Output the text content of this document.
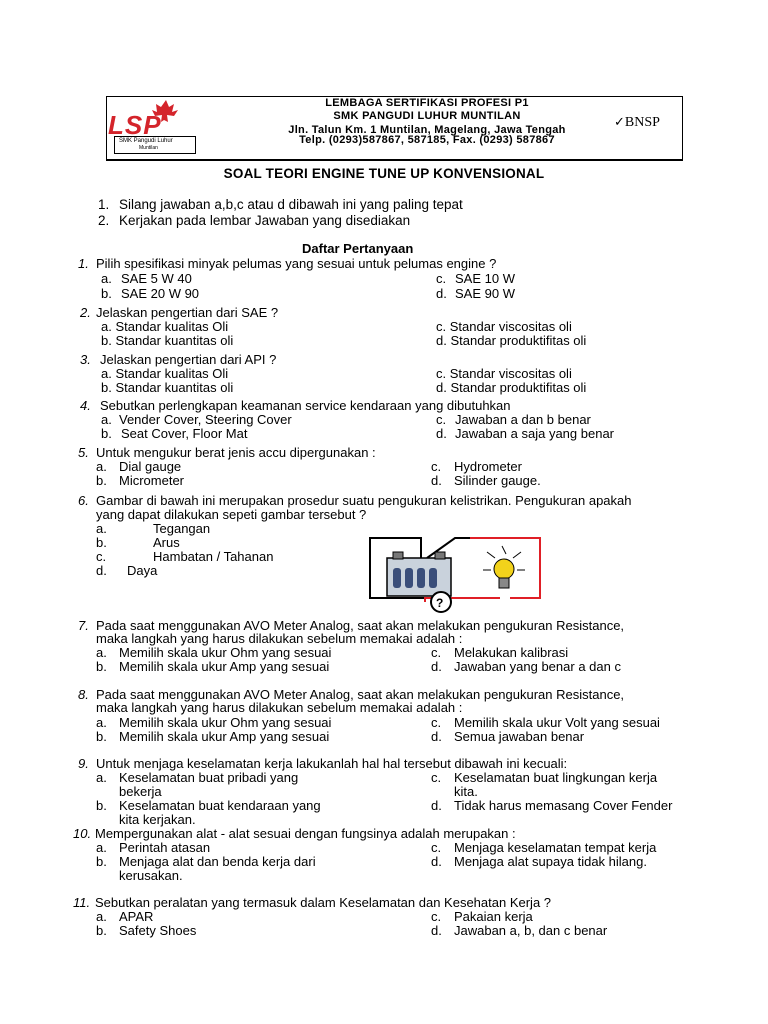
LSP
SMK Pangudi Luhur
Muntilan
LEMBAGA SERTIFIKASI PROFESI P1
SMK PANGUDI LUHUR MUNTILAN
Jln. Talun Km. 1 Muntilan, Magelang, Jawa Tengah
Telp. (0293)587867, 587185, Fax. (0293) 587867
✓BNSP
SOAL TEORI ENGINE TUNE UP KONVENSIONAL
1. Silang jawaban a,b,c atau d dibawah ini yang paling tepat
2. Kerjakan pada lembar Jawaban yang disediakan
Daftar Pertanyaan
1. Pilih spesifikasi minyak pelumas yang sesuai untuk pelumas engine ?
a. SAE 5 W 40
b. SAE 20 W 90
c. SAE 10 W
d. SAE 90 W
2. Jelaskan pengertian dari SAE ?
a. Standar kualitas Oli
b. Standar kuantitas oli
c. Standar viscositas oli
d. Standar produktifitas oli
3. Jelaskan pengertian dari API ?
a. Standar kualitas Oli
b. Standar kuantitas oli
c. Standar viscositas oli
d. Standar produktifitas oli
4. Sebutkan perlengkapan keamanan service kendaraan yang dibutuhkan
a. Vender Cover, Steering Cover
b. Seat Cover, Floor Mat
c. Jawaban a dan b benar
d. Jawaban a saja yang benar
5. Untuk mengukur berat jenis accu dipergunakan :
a. Dial gauge
b. Micrometer
c. Hydrometer
d. Silinder gauge.
6. Gambar di bawah ini merupakan prosedur suatu pengukuran kelistrikan. Pengukuran apakah
yang dapat dilakukan sepeti gambar tersebut ?
a.	Tegangan
b.	Arus
c.	Hambatan / Tahanan
d. Daya
?
7. Pada saat menggunakan AVO Meter Analog, saat akan melakukan pengukuran Resistance,
maka langkah yang harus dilakukan sebelum memakai adalah :
a. Memilih skala ukur Ohm yang sesuai
b. Memilih skala ukur Amp yang sesuai
c. Melakukan kalibrasi
d. Jawaban yang benar a dan c
8. Pada saat menggunakan AVO Meter Analog, saat akan melakukan pengukuran Resistance,
maka langkah yang harus dilakukan sebelum memakai adalah :
a. Memilih skala ukur Ohm yang sesuai
b. Memilih skala ukur Amp yang sesuai
c. Memilih skala ukur Volt yang sesuai
d. Semua jawaban benar
9. Untuk menjaga keselamatan kerja lakukanlah hal hal tersebut dibawah ini kecuali:
a. Keselamatan buat pribadi yang
bekerja
b. Keselamatan buat kendaraan yang
kita kerjakan.
c. Keselamatan buat lingkungan kerja
kita.
d. Tidak harus memasang Cover Fender
10. Mempergunakan alat - alat sesuai dengan fungsinya adalah merupakan :
a. Perintah atasan
b. Menjaga alat dan benda kerja dari
kerusakan.
c. Menjaga keselamatan tempat kerja
d. Menjaga alat supaya tidak hilang.
11. Sebutkan peralatan yang termasuk dalam Keselamatan dan Kesehatan Kerja ?
a. APAR
b. Safety Shoes
c. Pakaian kerja
d. Jawaban a, b, dan c benar
